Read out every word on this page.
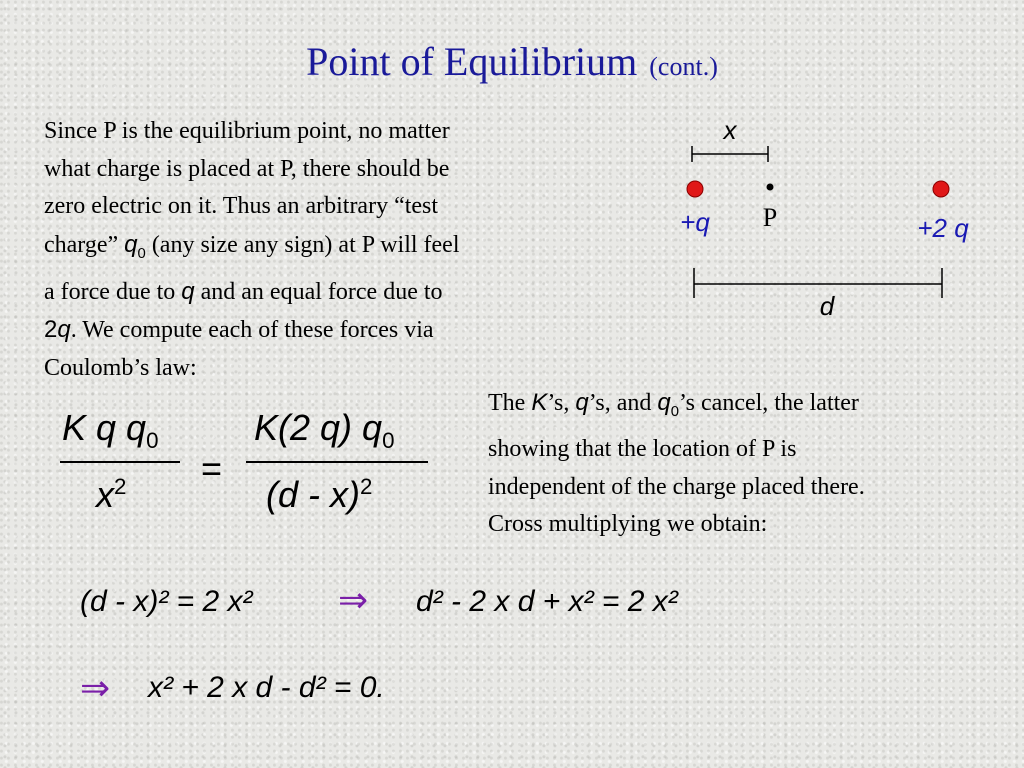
Point of Equilibrium (cont.)
Since P is the equilibrium point, no matter
what charge is placed at P, there should be
zero electric on it. Thus an arbitrary “test
charge” $q_0$ (any size any sign) at P will feel
a force due to q and an equal force due to
2q. We compute each of these forces via
Coulomb’s law:
x
+q P	+2 q
d
K q $q_0$
$x^2$ =
K(2 q) $q_0$
(d - x)$^2$
The K’s, q’s, and $q_0’s$ cancel, the latter
showing that the location of P is
independent of the charge placed there.
Cross multiplying we obtain:
(d - x)² = 2 x² ⇒ d² - 2 x d + x² = 2 x²
⇒ x² + 2 x d - d² = 0.
